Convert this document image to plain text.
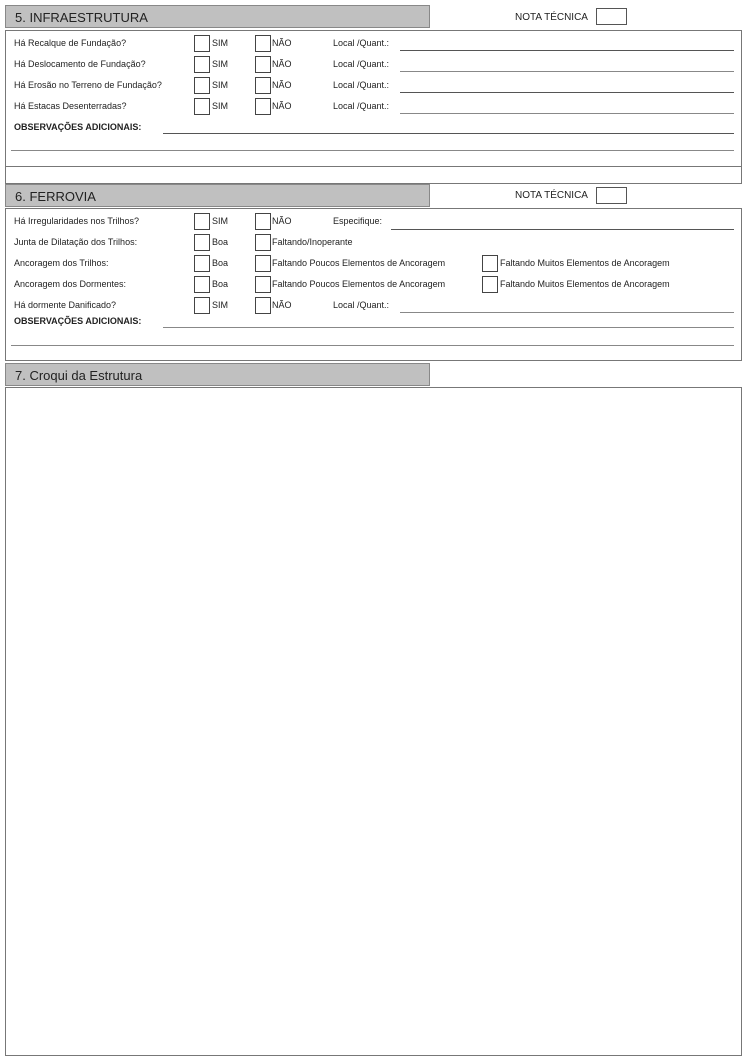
5. INFRAESTRUTURA	NOTA TÉCNICA
Há Recalque de Fundação?	SIM	NÃO	Local /Quant.:
Há Deslocamento de Fundação?	SIM	NÃO	Local /Quant.:
Há Erosão no Terreno de Fundação?	SIM	NÃO	Local /Quant.:
Há Estacas Desenterradas?	SIM	NÃO	Local /Quant.:
OBSERVAÇÕES ADICIONAIS:
6. FERROVIA	NOTA TÉCNICA
Há Irregularidades nos Trilhos?	SIM	NÃO	Especifique:
Junta de Dilatação dos Trilhos:	Boa	Faltando/Inoperante
Ancoragem dos Trilhos:	Boa	Faltando Poucos Elementos de Ancoragem	Faltando Muitos Elementos de Ancoragem
Ancoragem dos Dormentes:	Boa	Faltando Poucos Elementos de Ancoragem	Faltando Muitos Elementos de Ancoragem
Há dormente Danificado?	SIM	NÃO	Local /Quant.:
OBSERVAÇÕES ADICIONAIS:
7. Croqui da Estrutura
